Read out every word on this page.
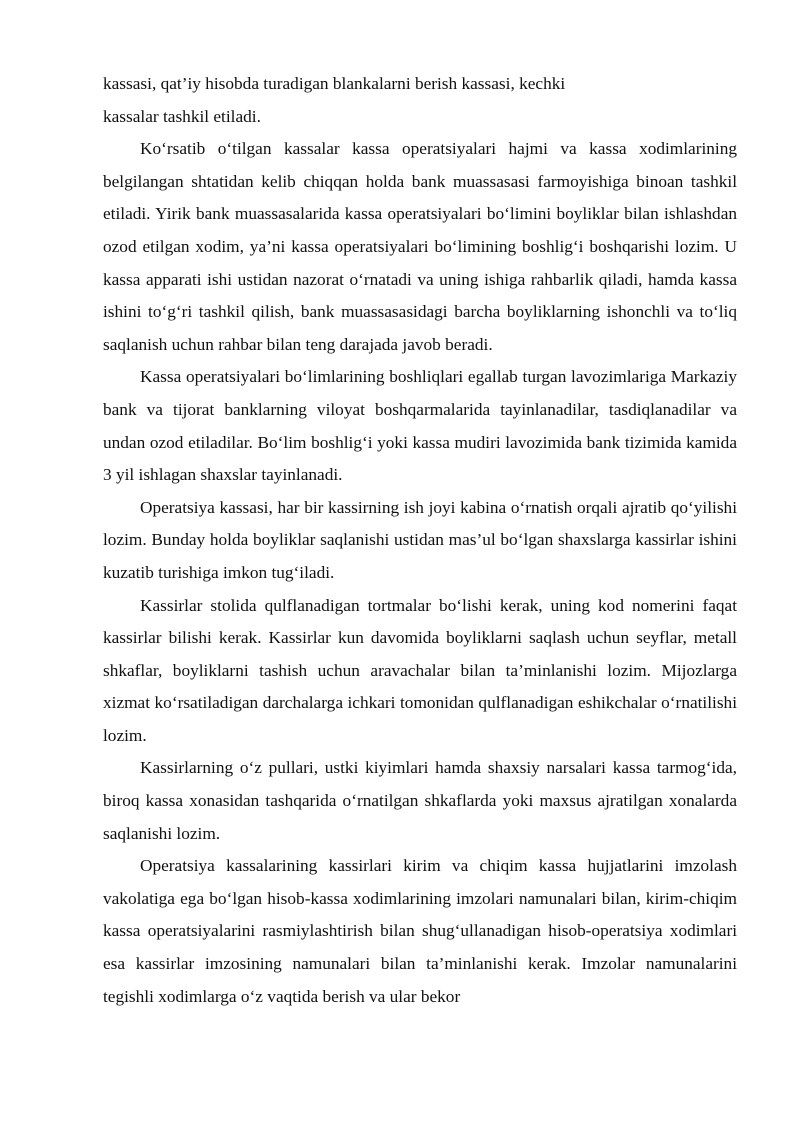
kassasi, qat’iy hisobda turadigan blankalarni berish kassasi, kechki
kassalar tashkil etiladi.

Ko‘rsatib o‘tilgan kassalar kassa operatsiyalari hajmi va kassa xodimlarining belgilangan shtatidan kelib chiqqan holda bank muassasasi farmoyishiga binoan tashkil etiladi. Yirik bank muassasalarida kassa operatsiyalari bo‘limini boyliklar bilan ishlashdan ozod etilgan xodim, ya’ni kassa operatsiyalari bo‘limining boshlig‘i boshqarishi lozim. U kassa apparati ishi ustidan nazorat o‘rnatadi va uning ishiga rahbarlik qiladi, hamda kassa ishini to‘g‘ri tashkil qilish, bank muassasasidagi barcha boyliklarning ishonchli va to‘liq saqlanish uchun rahbar bilan teng darajada javob beradi.

Kassa operatsiyalari bo‘limlarining boshliqlari egallab turgan lavozimlariga Markaziy bank va tijorat banklarning viloyat boshqarmalarida tayinlanadilar, tasdiqlanadilar va undan ozod etiladilar. Bo‘lim boshlig‘i yoki kassa mudiri lavozimida bank tizimida kamida 3 yil ishlagan shaxslar tayinlanadi.

Operatsiya kassasi, har bir kassirning ish joyi kabina o‘rnatish orqali ajratib qo‘yilishi lozim. Bunday holda boyliklar saqlanishi ustidan mas’ul bo‘lgan shaxslarga kassirlar ishini kuzatib turishiga imkon tug‘iladi.

Kassirlar stolida qulflanadigan tortmalar bo‘lishi kerak, uning kod nomerini faqat kassirlar bilishi kerak. Kassirlar kun davomida boyliklarni saqlash uchun seyflar, metall shkaflar, boyliklarni tashish uchun aravachalar bilan ta’minlanishi lozim. Mijozlarga xizmat ko‘rsatiladigan darchalarga ichkari tomonidan qulflanadigan eshikchalar o‘rnatilishi lozim.

Kassirlarning o‘z pullari, ustki kiyimlari hamda shaxsiy narsalari kassa tarmog‘ida, biroq kassa xonasidan tashqarida o‘rnatilgan shkaflarda yoki maxsus ajratilgan xonalarda saqlanishi lozim.

Operatsiya kassalarining kassirlari kirim va chiqim kassa hujjatlarini imzolash vakolatiga ega bo‘lgan hisob-kassa xodimlarining imzolari namunalari bilan, kirim-chiqim kassa operatsiyalarini rasmiylashtirish bilan shug‘ullanadigan hisob-operatsiya xodimlari esa kassirlar imzosining namunalari bilan ta’minlanishi kerak. Imzolar namunalarini tegishli xodimlarga o‘z vaqtida berish va ular bekor
